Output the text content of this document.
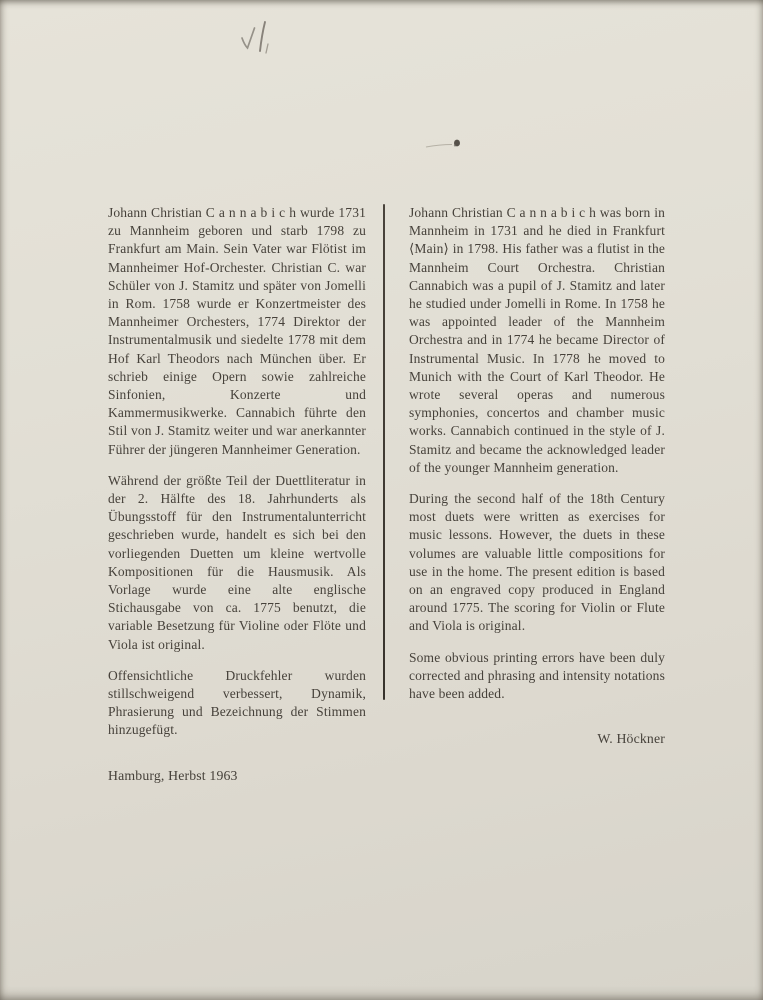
Johann Christian C a n n a b i c h wurde 1731 zu Mannheim geboren und starb 1798 zu Frankfurt am Main. Sein Vater war Flötist im Mannheimer Hof-Orchester. Christian C. war Schüler von J. Stamitz und später von Jomelli in Rom. 1758 wurde er Konzertmeister des Mannheimer Orchesters, 1774 Direktor der Instrumentalmusik und siedelte 1778 mit dem Hof Karl Theodors nach München über. Er schrieb einige Opern sowie zahlreiche Sinfonien, Konzerte und Kammermusikwerke. Cannabich führte den Stil von J. Stamitz weiter und war anerkannter Führer der jüngeren Mannheimer Generation.

Während der größte Teil der Duettliteratur in der 2. Hälfte des 18. Jahrhunderts als Übungsstoff für den Instrumentalunterricht geschrieben wurde, handelt es sich bei den vorliegenden Duetten um kleine wertvolle Kompositionen für die Hausmusik. Als Vorlage wurde eine alte englische Stichausgabe von ca. 1775 benutzt, die variable Besetzung für Violine oder Flöte und Viola ist original.

Offensichtliche Druckfehler wurden stillschweigend verbessert, Dynamik, Phrasierung und Bezeichnung der Stimmen hinzugefügt.

Hamburg, Herbst 1963

Johann Christian C a n n a b i c h was born in Mannheim in 1731 and he died in Frankfurt ⟨Main⟩ in 1798. His father was a flutist in the Mannheim Court Orchestra. Christian Cannabich was a pupil of J. Stamitz and later he studied under Jomelli in Rome. In 1758 he was appointed leader of the Mannheim Orchestra and in 1774 he became Director of Instrumental Music. In 1778 he moved to Munich with the Court of Karl Theodor. He wrote several operas and numerous symphonies, concertos and chamber music works. Cannabich continued in the style of J. Stamitz and became the acknowledged leader of the younger Mannheim generation.

During the second half of the 18th Century most duets were written as exercises for music lessons. However, the duets in these volumes are valuable little compositions for use in the home. The present edition is based on an engraved copy produced in England around 1775. The scoring for Violin or Flute and Viola is original.

Some obvious printing errors have been duly corrected and phrasing and intensity notations have been added.

W. Höckner
